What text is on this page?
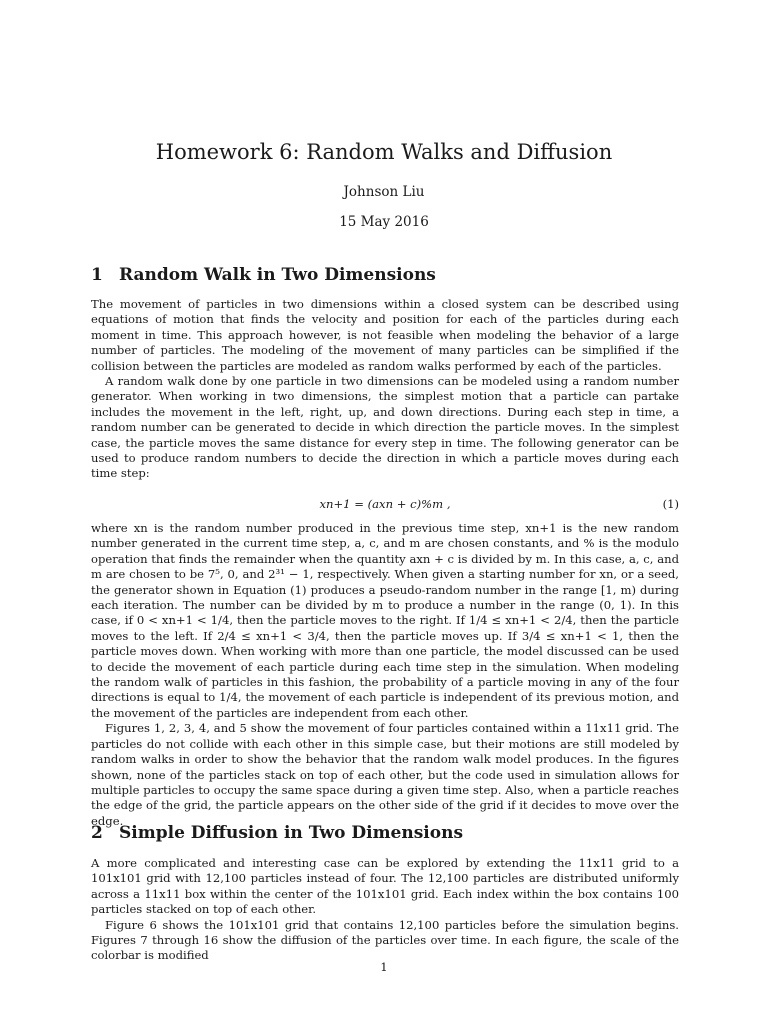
Homework 6: Random Walks and Diffusion
Johnson Liu
15 May 2016
1 Random Walk in Two Dimensions

The movement of particles in two dimensions within a closed system can be described using equations of motion that finds the velocity and position for each of the particles during each moment in time. This approach however, is not feasible when modeling the behavior of a large number of particles. The modeling of the movement of many particles can be simplified if the collision between the particles are modeled as random walks performed by each of the particles.

A random walk done by one particle in two dimensions can be modeled using a random number generator. When working in two dimensions, the simplest motion that a particle can partake includes the movement in the left, right, up, and down directions. During each step in time, a random number can be generated to decide in which direction the particle moves. In the simplest case, the particle moves the same distance for every step in time. The following generator can be used to produce random numbers to decide the direction in which a particle moves during each time step:

xn+1 = (axn + c)%m ,	(1)

where xn is the random number produced in the previous time step, xn+1 is the new random number generated in the current time step, a, c, and m are chosen constants, and % is the modulo operation that finds the remainder when the quantity axn + c is divided by m. In this case, a, c, and m are chosen to be 7⁵, 0, and 2³¹ − 1, respectively. When given a starting number for xn, or a seed, the generator shown in Equation (1) produces a pseudo-random number in the range [1, m) during each iteration. The number can be divided by m to produce a number in the range (0, 1). In this case, if 0 < xn+1 < 1/4, then the particle moves to the right. If 1/4 ≤ xn+1 < 2/4, then the particle moves to the left. If 2/4 ≤ xn+1 < 3/4, then the particle moves up. If 3/4 ≤ xn+1 < 1, then the particle moves down. When working with more than one particle, the model discussed can be used to decide the movement of each particle during each time step in the simulation. When modeling the random walk of particles in this fashion, the probability of a particle moving in any of the four directions is equal to 1/4, the movement of each particle is independent of its previous motion, and the movement of the particles are independent from each other.

Figures 1, 2, 3, 4, and 5 show the movement of four particles contained within a 11x11 grid. The particles do not collide with each other in this simple case, but their motions are still modeled by random walks in order to show the behavior that the random walk model produces. In the figures shown, none of the particles stack on top of each other, but the code used in simulation allows for multiple particles to occupy the same space during a given time step. Also, when a particle reaches the edge of the grid, the particle appears on the other side of the grid if it decides to move over the edge.

2 Simple Diffusion in Two Dimensions

A more complicated and interesting case can be explored by extending the 11x11 grid to a 101x101 grid with 12,100 particles instead of four. The 12,100 particles are distributed uniformly across a 11x11 box within the center of the 101x101 grid. Each index within the box contains 100 particles stacked on top of each other.

Figure 6 shows the 101x101 grid that contains 12,100 particles before the simulation begins. Figures 7 through 16 show the diffusion of the particles over time. In each figure, the scale of the colorbar is modified

1
